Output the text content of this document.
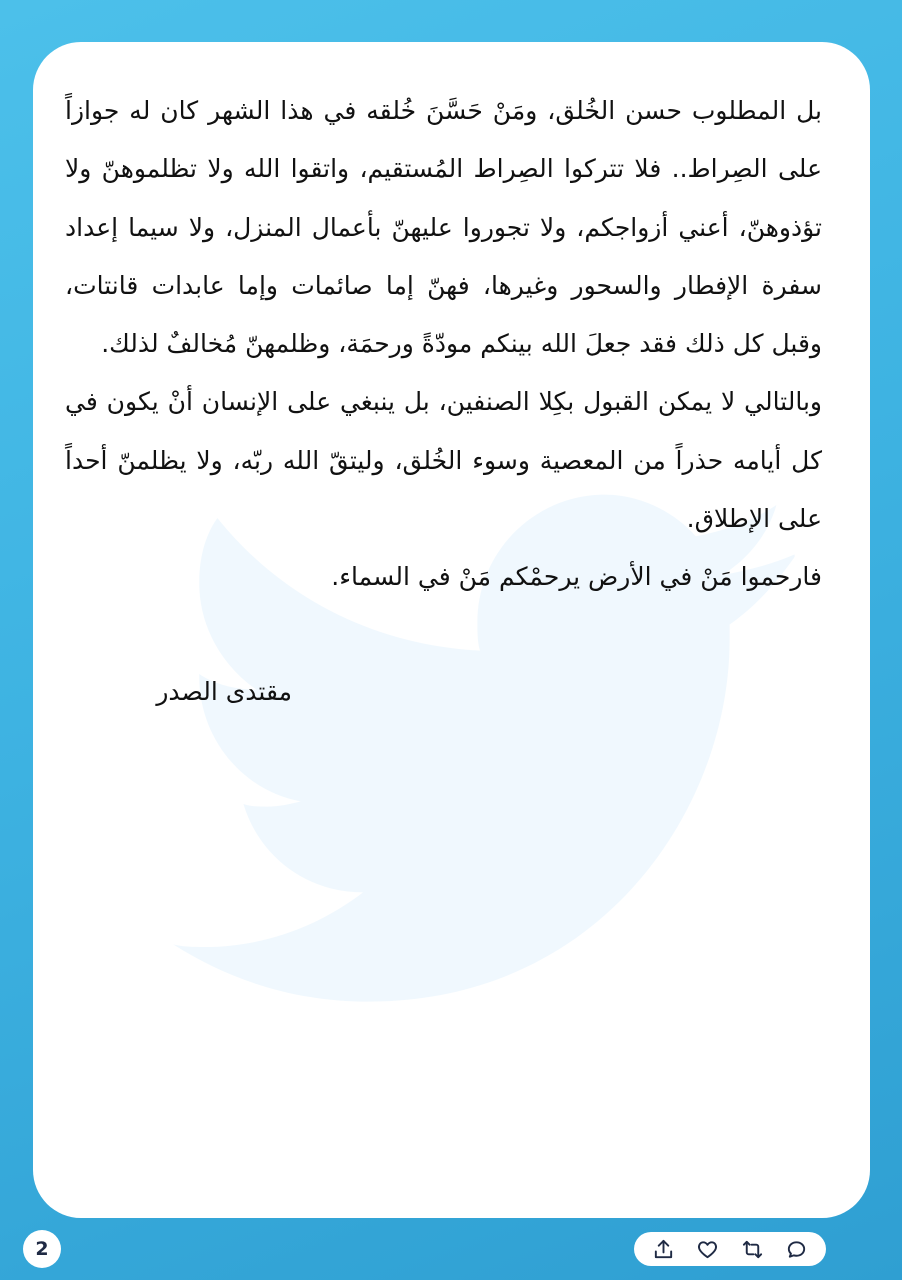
بل المطلوب حسن الخُلق، ومَنْ حَسَّنَ خُلقه في هذا الشهر كان له جوازاً على الصِراط.. فلا تتركوا الصِراط المُستقيم، واتقوا الله ولا تظلموهنّ ولا تؤذوهنّ، أعني أزواجكم، ولا تجوروا عليهنّ بأعمال المنزل، ولا سيما إعداد سفرة الإفطار والسحور وغيرها، فهنّ إما صائمات وإما عابدات قانتات، وقبل كل ذلك فقد جعلَ الله بينكم مودّةً ورحمَة، وظلمهنّ مُخالفٌ لذلك.
وبالتالي لا يمكن القبول بكِلا الصنفين، بل ينبغي على الإنسان أنْ يكون في كل أيامه حذراً من المعصية وسوء الخُلق، وليتقّ الله ربّه، ولا يظلمنّ أحداً على الإطلاق.
فارحموا مَنْ في الأرض يرحمْكم مَنْ في السماء.
مقتدى الصدر
2
